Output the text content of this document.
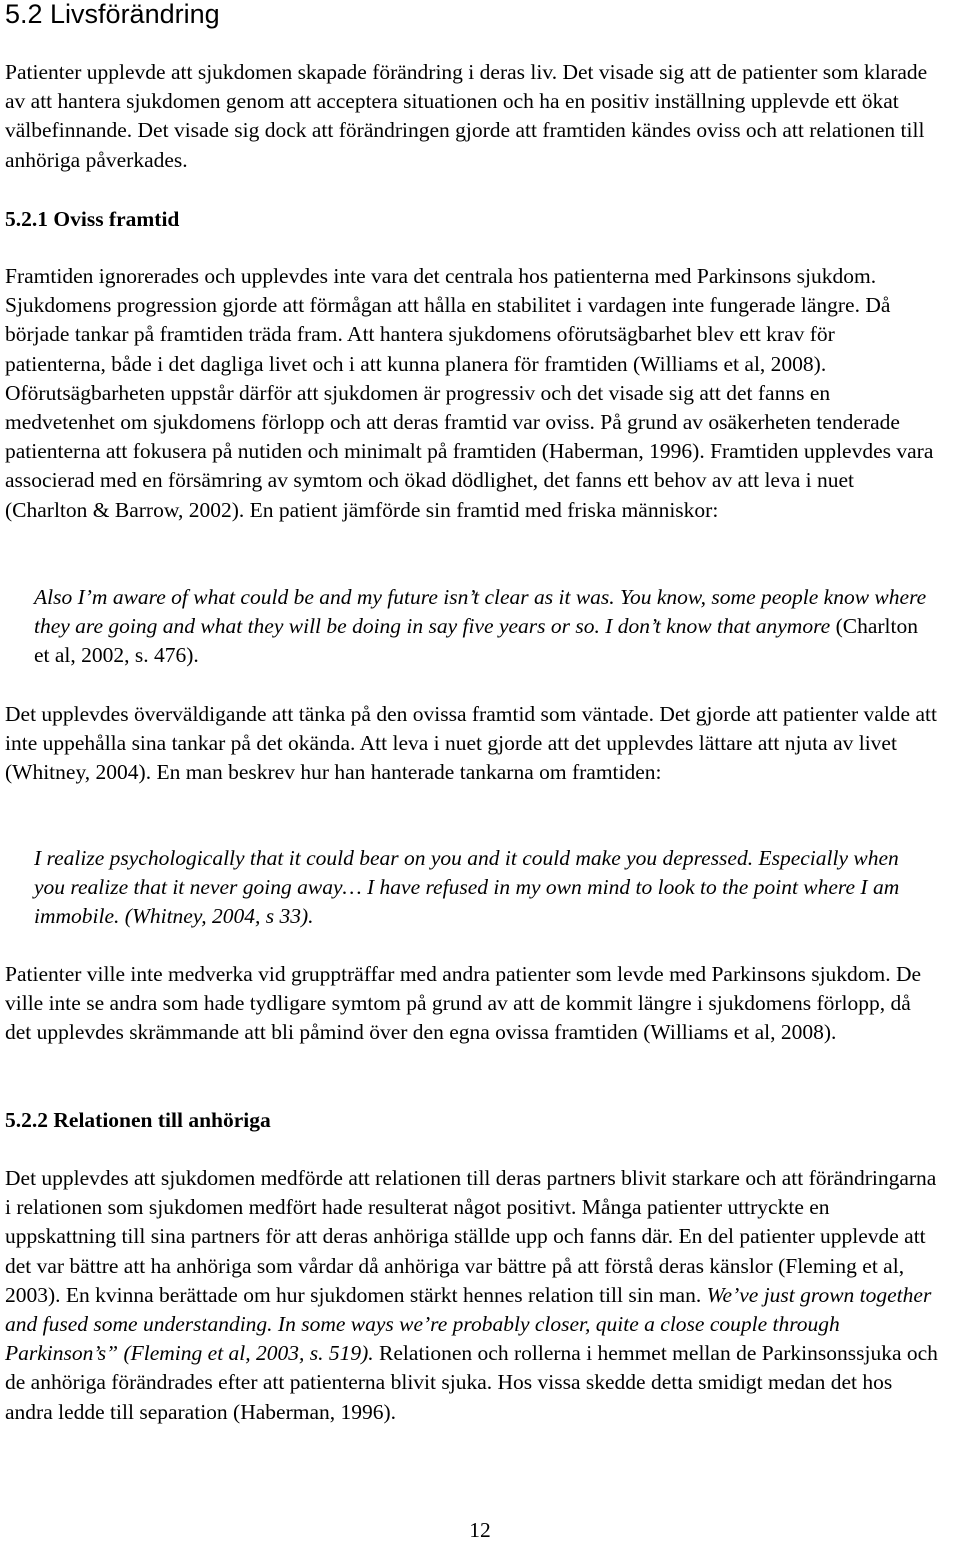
5.2 Livsförändring

Patienter upplevde att sjukdomen skapade förändring i deras liv. Det visade sig att de patienter som klarade av att hantera sjukdomen genom att acceptera situationen och ha en positiv inställning upplevde ett ökat välbefinnande. Det visade sig dock att förändringen gjorde att framtiden kändes oviss och att relationen till anhöriga påverkades.

5.2.1 Oviss framtid

Framtiden ignorerades och upplevdes inte vara det centrala hos patienterna med Parkinsons sjukdom. Sjukdomens progression gjorde att förmågan att hålla en stabilitet i vardagen inte fungerade längre. Då började tankar på framtiden träda fram. Att hantera sjukdomens oförutsägbarhet blev ett krav för patienterna, både i det dagliga livet och i att kunna planera för framtiden (Williams et al, 2008). Oförutsägbarheten uppstår därför att sjukdomen är progressiv och det visade sig att det fanns en medvetenhet om sjukdomens förlopp och att deras framtid var oviss. På grund av osäkerheten tenderade patienterna att fokusera på nutiden och minimalt på framtiden (Haberman, 1996). Framtiden upplevdes vara associerad med en försämring av symtom och ökad dödlighet, det fanns ett behov av att leva i nuet (Charlton & Barrow, 2002). En patient jämförde sin framtid med friska människor:

Also I’m aware of what could be and my future isn’t clear as it was. You know, some people know where they are going and what they will be doing in say five years or so. I don’t know that anymore (Charlton et al, 2002, s. 476).

Det upplevdes överväldigande att tänka på den ovissa framtid som väntade. Det gjorde att patienter valde att inte uppehålla sina tankar på det okända. Att leva i nuet gjorde att det upplevdes lättare att njuta av livet (Whitney, 2004). En man beskrev hur han hanterade tankarna om framtiden:

I realize psychologically that it could bear on you and it could make you depressed. Especially when you realize that it never going away… I have refused in my own mind to look to the point where I am immobile. (Whitney, 2004, s 33).

Patienter ville inte medverka vid gruppträffar med andra patienter som levde med Parkinsons sjukdom. De ville inte se andra som hade tydligare symtom på grund av att de kommit längre i sjukdomens förlopp, då det upplevdes skrämmande att bli påmind över den egna ovissa framtiden (Williams et al, 2008).

5.2.2 Relationen till anhöriga

Det upplevdes att sjukdomen medförde att relationen till deras partners blivit starkare och att förändringarna i relationen som sjukdomen medfört hade resulterat något positivt. Många patienter uttryckte en uppskattning till sina partners för att deras anhöriga ställde upp och fanns där. En del patienter upplevde att det var bättre att ha anhöriga som vårdar då anhöriga var bättre på att förstå deras känslor (Fleming et al, 2003). En kvinna berättade om hur sjukdomen stärkt hennes relation till sin man. We’ve just grown together and fused some understanding. In some ways we’re probably closer, quite a close couple through Parkinson’s” (Fleming et al, 2003, s. 519). Relationen och rollerna i hemmet mellan de Parkinsonssjuka och de anhöriga förändrades efter att patienterna blivit sjuka. Hos vissa skedde detta smidigt medan det hos andra ledde till separation (Haberman, 1996).

12
